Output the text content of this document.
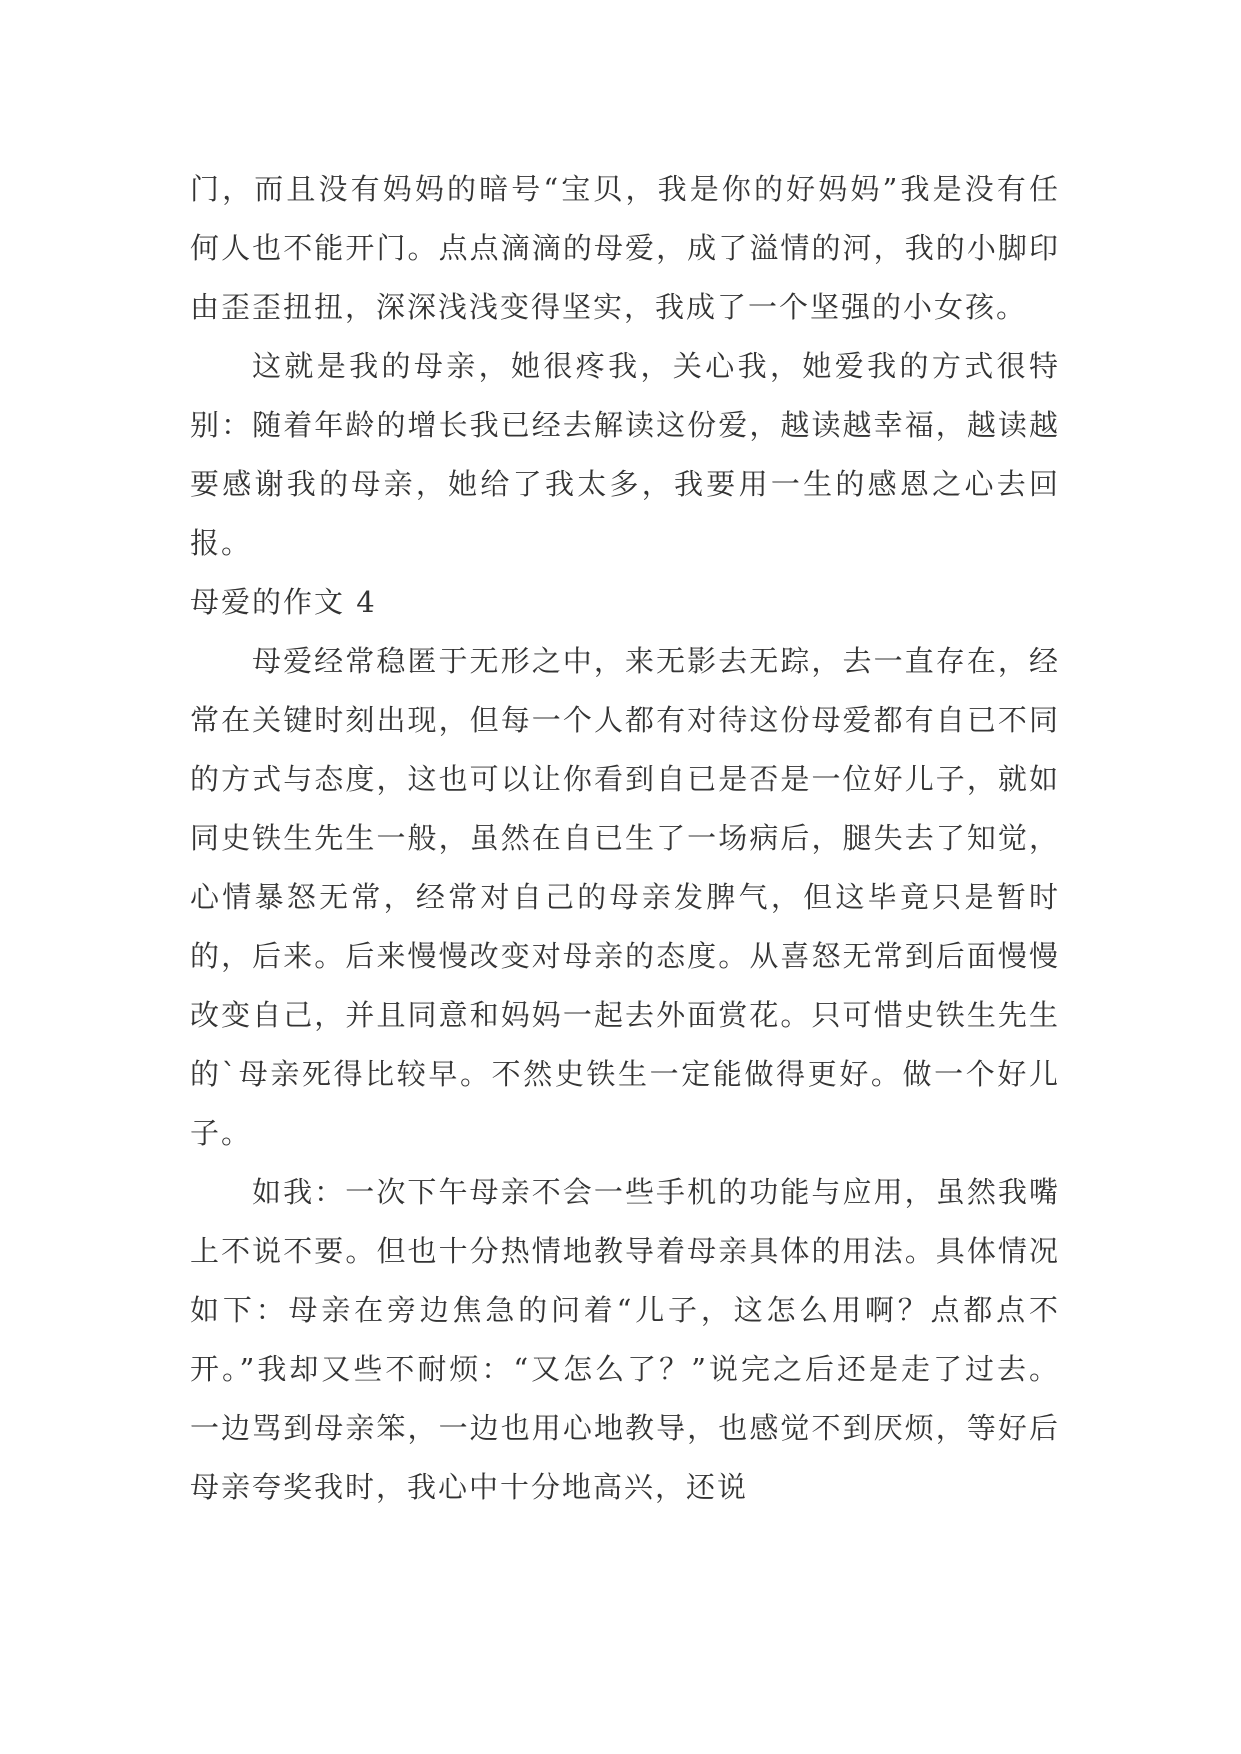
门，而且没有妈妈的暗号“宝贝，我是你的好妈妈”我是没有任何人也不能开门。点点滴滴的母爱，成了溢情的河，我的小脚印由歪歪扭扭，深深浅浅变得坚实，我成了一个坚强的小女孩。

这就是我的母亲，她很疼我，关心我，她爱我的方式很特别：随着年龄的增长我已经去解读这份爱，越读越幸福，越读越要感谢我的母亲，她给了我太多，我要用一生的感恩之心去回报。

母爱的作文 4

母爱经常稳匿于无形之中，来无影去无踪，去一直存在，经常在关键时刻出现，但每一个人都有对待这份母爱都有自已不同的方式与态度，这也可以让你看到自已是否是一位好儿子，就如同史铁生先生一般，虽然在自已生了一场病后，腿失去了知觉，心情暴怒无常，经常对自己的母亲发脾气，但这毕竟只是暂时的，后来。后来慢慢改变对母亲的态度。从喜怒无常到后面慢慢改变自己，并且同意和妈妈一起去外面赏花。只可惜史铁生先生的`母亲死得比较早。不然史铁生一定能做得更好。做一个好儿子。

如我：一次下午母亲不会一些手机的功能与应用，虽然我嘴上不说不要。但也十分热情地教导着母亲具体的用法。具体情况如下：母亲在旁边焦急的问着“儿子，这怎么用啊？点都点不开。”我却又些不耐烦：“又怎么了？”说完之后还是走了过去。一边骂到母亲笨，一边也用心地教导，也感觉不到厌烦，等好后母亲夸奖我时，我心中十分地高兴，还说
